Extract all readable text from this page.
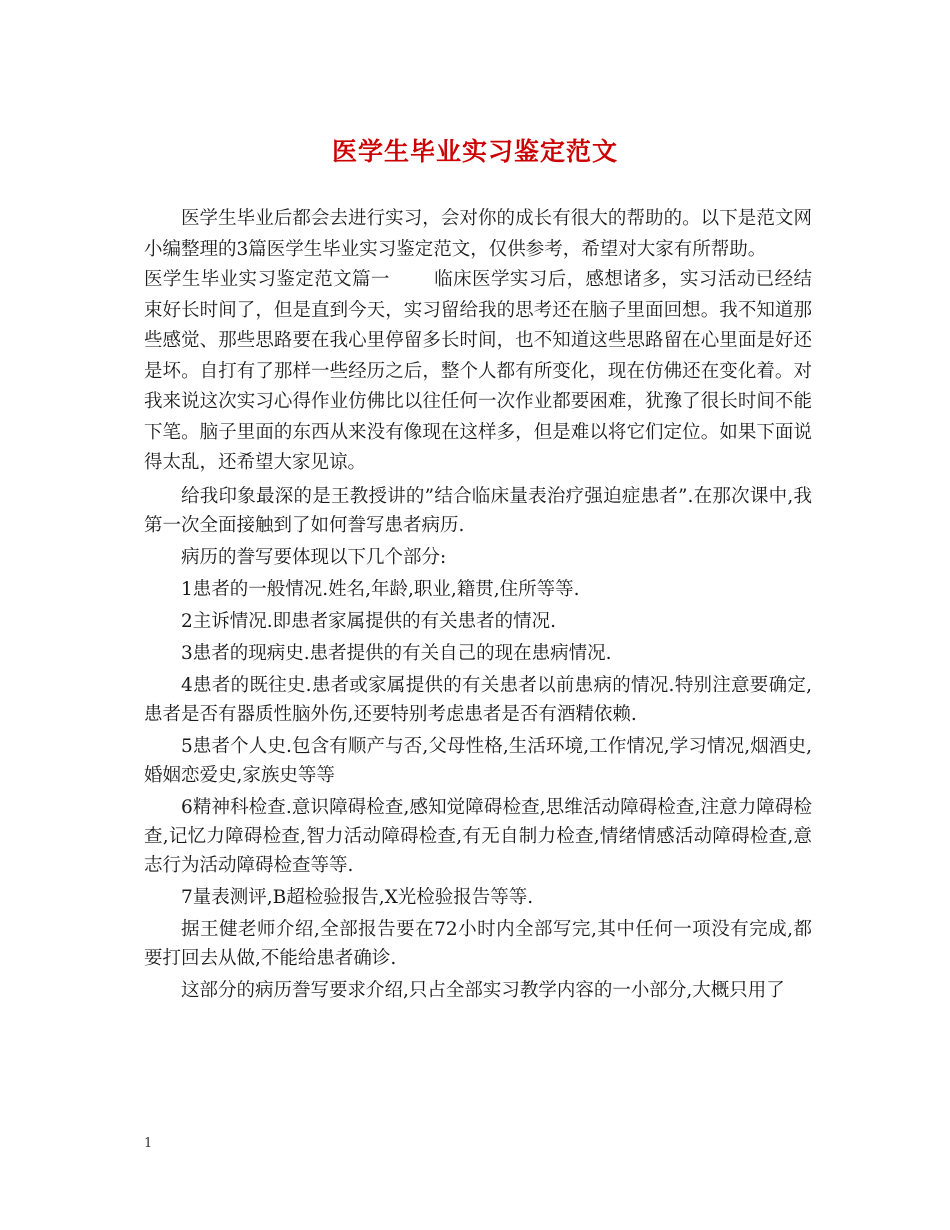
医学生毕业实习鉴定范文

医学生毕业后都会去进行实习，会对你的成长有很大的帮助的。以下是范文网小编整理的3篇医学生毕业实习鉴定范文，仅供参考，希望对大家有所帮助。

医学生毕业实习鉴定范文篇一 临床医学实习后，感想诸多，实习活动已经结束好长时间了，但是直到今天，实习留给我的思考还在脑子里面回想。我不知道那些感觉、那些思路要在我心里停留多长时间，也不知道这些思路留在心里面是好还是坏。自打有了那样一些经历之后，整个人都有所变化，现在仿佛还在变化着。对我来说这次实习心得作业仿佛比以往任何一次作业都要困难，犹豫了很长时间不能下笔。脑子里面的东西从来没有像现在这样多，但是难以将它们定位。如果下面说得太乱，还希望大家见谅。

给我印象最深的是王教授讲的”结合临床量表治疗强迫症患者”.在那次课中,我第一次全面接触到了如何誊写患者病历.

病历的誊写要体现以下几个部分:

1患者的一般情况.姓名,年龄,职业,籍贯,住所等等.

2主诉情况.即患者家属提供的有关患者的情况.

3患者的现病史.患者提供的有关自己的现在患病情况.

4患者的既往史.患者或家属提供的有关患者以前患病的情况.特别注意要确定,患者是否有器质性脑外伤,还要特别考虑患者是否有酒精依赖.

5患者个人史.包含有顺产与否,父母性格,生活环境,工作情况,学习情况,烟酒史,婚姻恋爱史,家族史等等

6精神科检查.意识障碍检查,感知觉障碍检查,思维活动障碍检查,注意力障碍检查,记忆力障碍检查,智力活动障碍检查,有无自制力检查,情绪情感活动障碍检查,意志行为活动障碍检查等等.

7量表测评,B超检验报告,X光检验报告等等.

据王健老师介绍,全部报告要在72小时内全部写完,其中任何一项没有完成,都要打回去从做,不能给患者确诊.

这部分的病历誊写要求介绍,只占全部实习教学内容的一小部分,大概只用了

1
